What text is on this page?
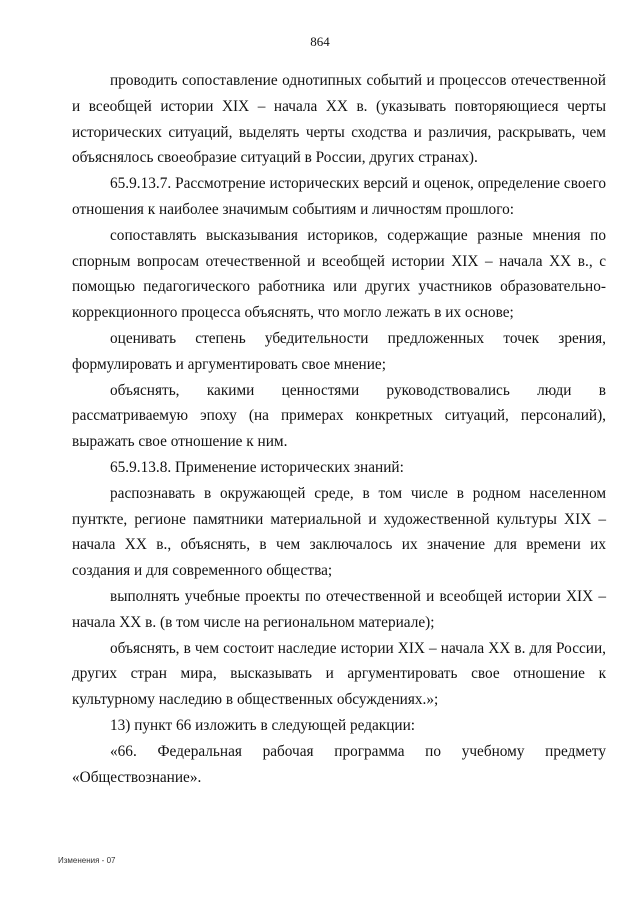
864

проводить сопоставление однотипных событий и процессов отечественной и всеобщей истории XIX – начала XX в. (указывать повторяющиеся черты исторических ситуаций, выделять черты сходства и различия, раскрывать, чем объяснялось своеобразие ситуаций в России, других странах).

65.9.13.7. Рассмотрение исторических версий и оценок, определение своего отношения к наиболее значимым событиям и личностям прошлого:

сопоставлять высказывания историков, содержащие разные мнения по спорным вопросам отечественной и всеобщей истории XIX – начала XX в., с помощью педагогического работника или других участников образовательно-коррекционного процесса объяснять, что могло лежать в их основе;

оценивать степень убедительности предложенных точек зрения, формулировать и аргументировать свое мнение;

объяснять, какими ценностями руководствовались люди в рассматриваемую эпоху (на примерах конкретных ситуаций, персоналий), выражать свое отношение к ним.

65.9.13.8. Применение исторических знаний:

распознавать в окружающей среде, в том числе в родном населенном пунтктe, регионе памятники материальной и художественной культуры XIX – начала XX в., объяснять, в чем заключалось их значение для времени их создания и для современного общества;

выполнять учебные проекты по отечественной и всеобщей истории XIX – начала XX в. (в том числе на региональном материале);

объяснять, в чем состоит наследие истории XIX – начала XX в. для России, других стран мира, высказывать и аргументировать свое отношение к культурному наследию в общественных обсуждениях.»;

13) пункт 66 изложить в следующей редакции:

«66. Федеральная рабочая программа по учебному предмету «Обществознание».

Изменения - 07
